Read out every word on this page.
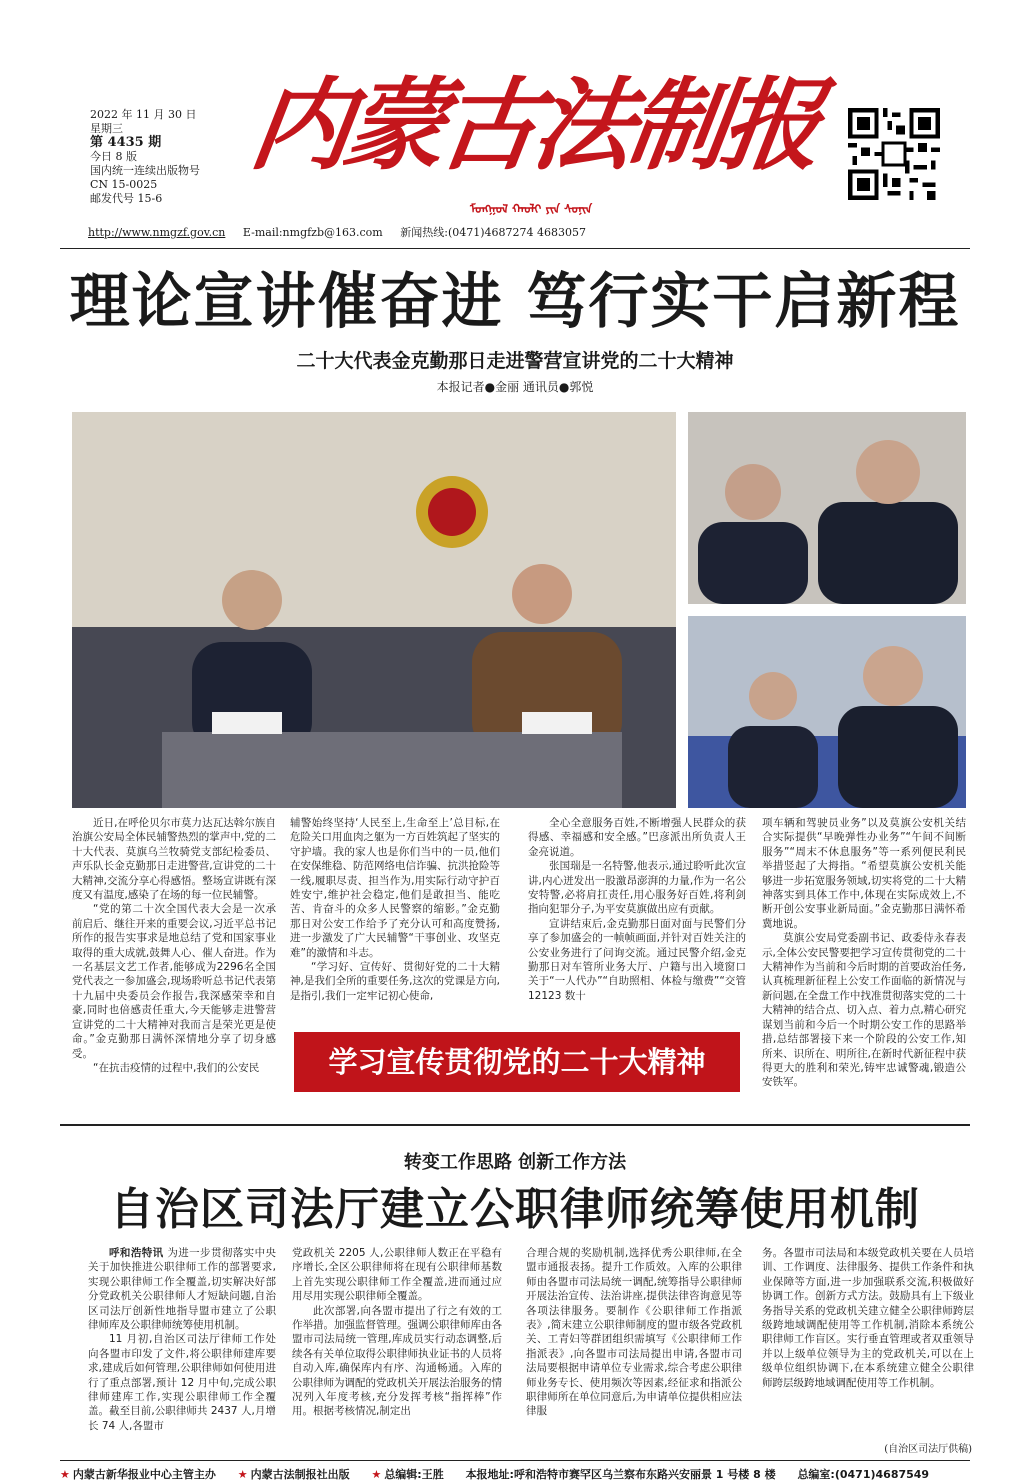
2022 年 11 月 30 日
星期三
第 4435 期
今日 8 版
国内统一连续出版物号
CN 15-0025
邮发代号 15-6
内蒙古法制报
ᠮᠣᠩᠭᠣᠯ ᠬᠠᠤᠯᠢ ᠶᠢᠨ ᠰᠣᠨᠢᠨ
http://www.nmgzf.gov.cn E-mail:nmgfzb@163.com 新闻热线:(0471)4687274 4683057
理论宣讲催奋进 笃行实干启新程
二十大代表金克勤那日走进警营宣讲党的二十大精神
本报记者●金丽 通讯员●郭悦

近日,在呼伦贝尔市莫力达瓦达斡尔族自治旗公安局全体民辅警热烈的掌声中,党的二十大代表、莫旗乌兰牧骑党支部纪检委员、声乐队长金克勤那日走进警营,宣讲党的二十大精神,交流分享心得感悟。整场宣讲既有深度又有温度,感染了在场的每一位民辅警。

“党的第二十次全国代表大会是一次承前启后、继往开来的重要会议,习近平总书记所作的报告实事求是地总结了党和国家事业取得的重大成就,鼓舞人心、催人奋进。作为一名基层文艺工作者,能够成为2296名全国党代表之一参加盛会,现场聆听总书记代表第十九届中央委员会作报告,我深感荣幸和自豪,同时也倍感责任重大,今天能够走进警营宣讲党的二十大精神对我而言是荣光更是使命。”金克勤那日满怀深情地分享了切身感受。

“在抗击疫情的过程中,我们的公安民

辅警始终坚持‘人民至上,生命至上’总目标,在危险关口用血肉之躯为一方百姓筑起了坚实的守护墙。我的家人也是你们当中的一员,他们在安保维稳、防范网络电信诈骗、抗洪抢险等一线,履职尽责、担当作为,用实际行动守护百姓安宁,维护社会稳定,他们是敢担当、能吃苦、肯奋斗的众多人民警察的缩影。”金克勤那日对公安工作给予了充分认可和高度赞扬,进一步激发了广大民辅警“干事创业、攻坚克难”的激情和斗志。

“学习好、宣传好、贯彻好党的二十大精神,是我们全所的重要任务,这次的党课是方向,是指引,我们一定牢记初心使命,

全心全意服务百姓,不断增强人民群众的获得感、幸福感和安全感。”巴彦派出所负责人王金亮说道。

张国瑞是一名特警,他表示,通过聆听此次宣讲,内心迸发出一股激昂澎湃的力量,作为一名公安特警,必将肩扛责任,用心服务好百姓,将利剑指向犯罪分子,为平安莫旗做出应有贡献。

宣讲结束后,金克勤那日面对面与民警们分享了参加盛会的一帧帧画面,并针对百姓关注的公安业务进行了问询交流。通过民警介绍,金克勤那日对车管所业务大厅、户籍与出入境窗口关于“一人代办”“自助照相、体检与缴费”“交管 12123 数十

项车辆和驾驶员业务”以及莫旗公安机关结合实际提供“早晚弹性办业务”“午间不间断服务”“周末不休息服务”等一系列便民利民举措竖起了大拇指。“希望莫旗公安机关能够进一步拓宽服务领域,切实将党的二十大精神落实到具体工作中,体现在实际成效上,不断开创公安事业新局面。”金克勤那日满怀希冀地说。

莫旗公安局党委副书记、政委侍永春表示,全体公安民警要把学习宣传贯彻党的二十大精神作为当前和今后时期的首要政治任务,认真梳理新征程上公安工作面临的新情况与新问题,在全盘工作中找准贯彻落实党的二十大精神的结合点、切入点、着力点,精心研究谋划当前和今后一个时期公安工作的思路举措,总结部署接下来一个阶段的公安工作,知所来、识所在、明所往,在新时代新征程中获得更大的胜利和荣光,铸牢忠诚警魂,锻造公安铁军。

学习宣传贯彻党的二十大精神
转变工作思路 创新工作方法
自治区司法厅建立公职律师统筹使用机制

呼和浩特讯 为进一步贯彻落实中央关于加快推进公职律师工作的部署要求,实现公职律师工作全覆盖,切实解决好部分党政机关公职律师人才短缺问题,自治区司法厅创新性地指导盟市建立了公职律师库及公职律师统筹使用机制。

11 月初,自治区司法厅律师工作处向各盟市印发了文件,将公职律师建库要求,建成后如何管理,公职律师如何使用进行了重点部署,预计 12 月中旬,完成公职律师建库工作,实现公职律师工作全覆盖。截至目前,公职律师共 2437 人,月增长 74 人,各盟市

党政机关 2205 人,公职律师人数正在平稳有序增长,全区公职律师将在现有公职律师基数上首先实现公职律师工作全覆盖,进而通过应用尽用实现公职律师全覆盖。

此次部署,向各盟市提出了行之有效的工作举措。加强监督管理。强调公职律师库由各盟市司法局统一管理,库成员实行动态调整,后续各有关单位取得公职律师执业证书的人员将自动入库,确保库内有序、沟通畅通。入库的公职律师为调配的党政机关开展法治服务的情况列入年度考核,充分发挥考核“指挥棒”作用。根据考核情况,制定出

合理合规的奖励机制,选择优秀公职律师,在全盟市通报表扬。提升工作质效。入库的公职律师由各盟市司法局统一调配,统筹指导公职律师开展法治宣传、法治讲座,提供法律咨询意见等各项法律服务。要制作《公职律师工作指派表》,简末建立公职律师制度的盟市级各党政机关、工青妇等群团组织需填写《公职律师工作指派表》,向各盟市司法局提出申请,各盟市司法局要根据申请单位专业需求,综合考虑公职律师业务专长、使用频次等因素,经征求和指派公职律师所在单位同意后,为申请单位提供相应法律服

务。各盟市司法局和本级党政机关要在人员培训、工作调度、法律服务、提供工作条件和执业保障等方面,进一步加强联系交流,积极做好协调工作。创新方式方法。鼓励具有上下级业务指导关系的党政机关建立健全公职律师跨层级跨地域调配使用等工作机制,消除本系统公职律师工作盲区。实行垂直管理或者双重领导并以上级单位领导为主的党政机关,可以在上级单位组织协调下,在本系统建立健全公职律师跨层级跨地域调配使用等工作机制。

(自治区司法厅供稿)
★ 内蒙古新华报业中心主管主办 ★ 内蒙古法制报社出版 ★ 总编辑:王胜 本报地址:呼和浩特市赛罕区乌兰察布东路兴安丽景 1 号楼 8 楼 总编室:(0471)4687549
